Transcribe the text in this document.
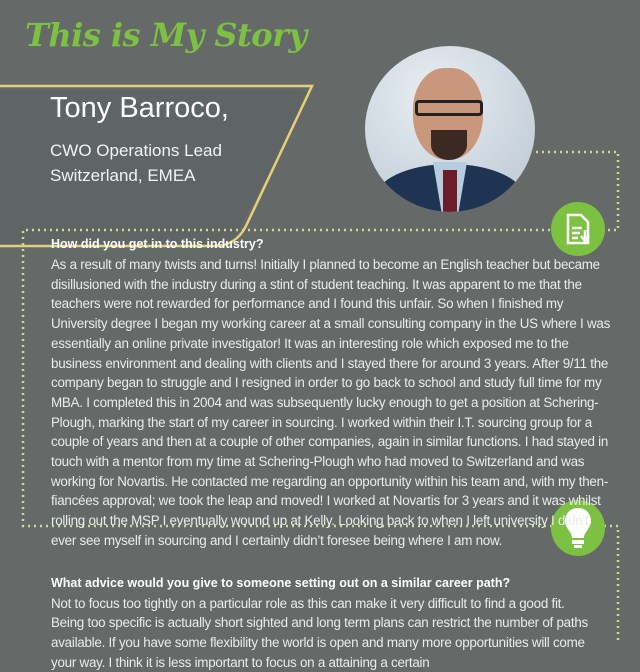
This is My Story
Tony Barroco,
CWO Operations Lead
Switzerland, EMEA
How did you get in to this industry?
As a result of many twists and turns! Initially I planned to become an English teacher but became disillusioned with the industry during a stint of student teaching. It was apparent to me that the teachers were not rewarded for performance and I found this unfair. So when I finished my University degree I began my working career at a small consulting company in the US where I was essentially an online private investigator! It was an interesting role which exposed me to the business environment and dealing with clients and I stayed there for around 3 years. After 9/11 the company began to struggle and I resigned in order to go back to school and study full time for my MBA. I completed this in 2004 and was subsequently lucky enough to get a position at Schering-Plough, marking the start of my career in sourcing. I worked within their I.T. sourcing group for a couple of years and then at a couple of other companies, again in similar functions. I had stayed in touch with a mentor from my time at Schering-Plough who had moved to Switzerland and was working for Novartis. He contacted me regarding an opportunity within his team and, with my then-fiancées approval; we took the leap and moved! I worked at Novartis for 3 years and it was whilst rolling out the MSP I eventually wound up at Kelly. Looking back to when I left university I didn’t ever see myself in sourcing and I certainly didn’t foresee being where I am now.
What advice would you give to someone setting out on a similar career path?
Not to focus too tightly on a particular role as this can make it very difficult to find a good fit. Being too specific is actually short sighted and long term plans can restrict the number of paths available. If you have some flexibility the world is open and many more opportunities will come your way. I think it is less important to focus on a attaining a certain
